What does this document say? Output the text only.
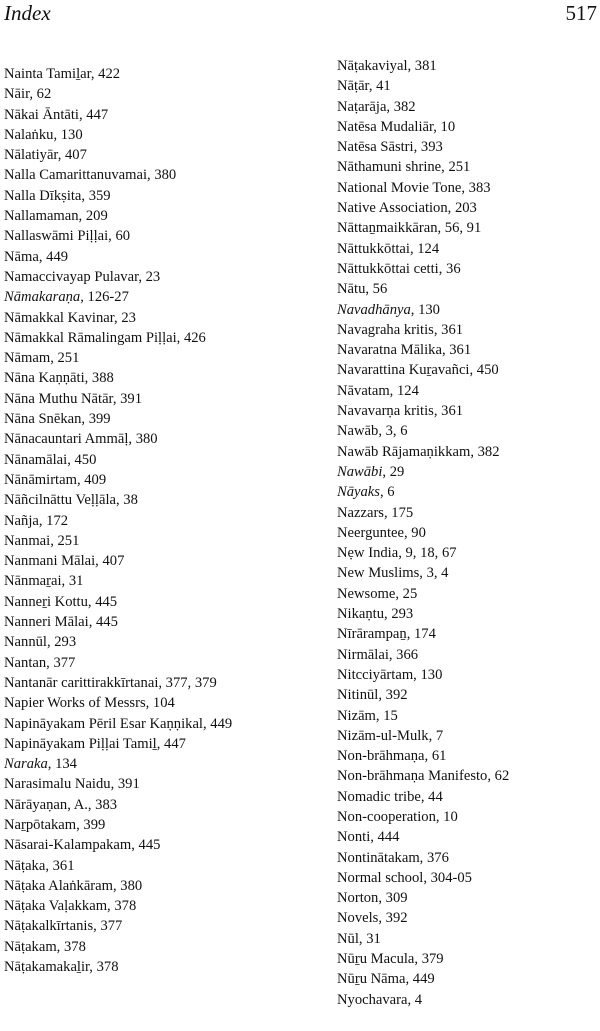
Index	517
Nainta Tamiḻar, 422
Nāir, 62
Nākai Āntāti, 447
Nalaṅku, 130
Nālatiyār, 407
Nalla Camarittanuvamai, 380
Nalla Dīkṣita, 359
Nallamaman, 209
Nallaswāmi Piḷḷai, 60
Nāma, 449
Namaccivayap Pulavar, 23
Nāmakaraṇa, 126-27
Nāmakkal Kavinar, 23
Nāmakkal Rāmalingam Piḷḷai, 426
Nāmam, 251
Nāna Kaṇṇāti, 388
Nāna Muthu Nātār, 391
Nāna Snēkan, 399
Nānacauntari Ammāḷ, 380
Nānamālai, 450
Nānāmirtam, 409
Nāñcilnāttu Veḷḷāla, 38
Nañja, 172
Nanmai, 251
Nanmani Mālai, 407
Nānmaṟai, 31
Nanneṟi Kottu, 445
Nanneri Mālai, 445
Nannūl, 293
Nantan, 377
Nantanār carittirakkīrtanai, 377, 379
Napier Works of Messrs, 104
Napināyakam Pēril Esar Kaṇṇikal, 449
Napināyakam Piḷḷai Tamiḻ, 447
Naraka, 134
Narasimalu Naidu, 391
Nārāyaṇan, A., 383
Naṟpōtakam, 399
Nāsarai-Kalampakam, 445
Nāṭaka, 361
Nāṭaka Alaṅkāram, 380
Nāṭaka Vaḷakkam, 378
Nāṭakalkīrtanis, 377
Nāṭakam, 378
Nāṭakamakaḻir, 378
Nāṭakaviyal, 381
Nāṭār, 41
Naṭarāja, 382
Natēsa Mudaliār, 10
Natēsa Sāstri, 393
Nāthamuni shrine, 251
National Movie Tone, 383
Native Association, 203
Nāttaṉmaikkāran, 56, 91
Nāttukkōttai, 124
Nāttukkōttai cetti, 36
Nātu, 56
Navadhānya, 130
Navagraha kritis, 361
Navaratna Mālika, 361
Navarattina Kuṟavañci, 450
Nāvatam, 124
Navavarṇa kritis, 361
Nawāb, 3, 6
Nawāb Rājamaṇikkam, 382
Nawābi, 29
Nāyaks, 6
Nazzars, 175
Neerguntee, 90
Nẹw India, 9, 18, 67
New Muslims, 3, 4
Newsome, 25
Nikaṇtu, 293
Nīrārampaṉ, 174
Nirmālai, 366
Nitcciyārtam, 130
Nitinūl, 392
Nizām, 15
Nizām-ul-Mulk, 7
Non-brāhmaṇa, 61
Non-brāhmaṇa Manifesto, 62
Nomadic tribe, 44
Non-cooperation, 10
Nonti, 444
Nontinātakam, 376
Normal school, 304-05
Norton, 309
Novels, 392
Nūl, 31
Nūṟu Macula, 379
Nūṟu Nāma, 449
Nyochavara, 4
